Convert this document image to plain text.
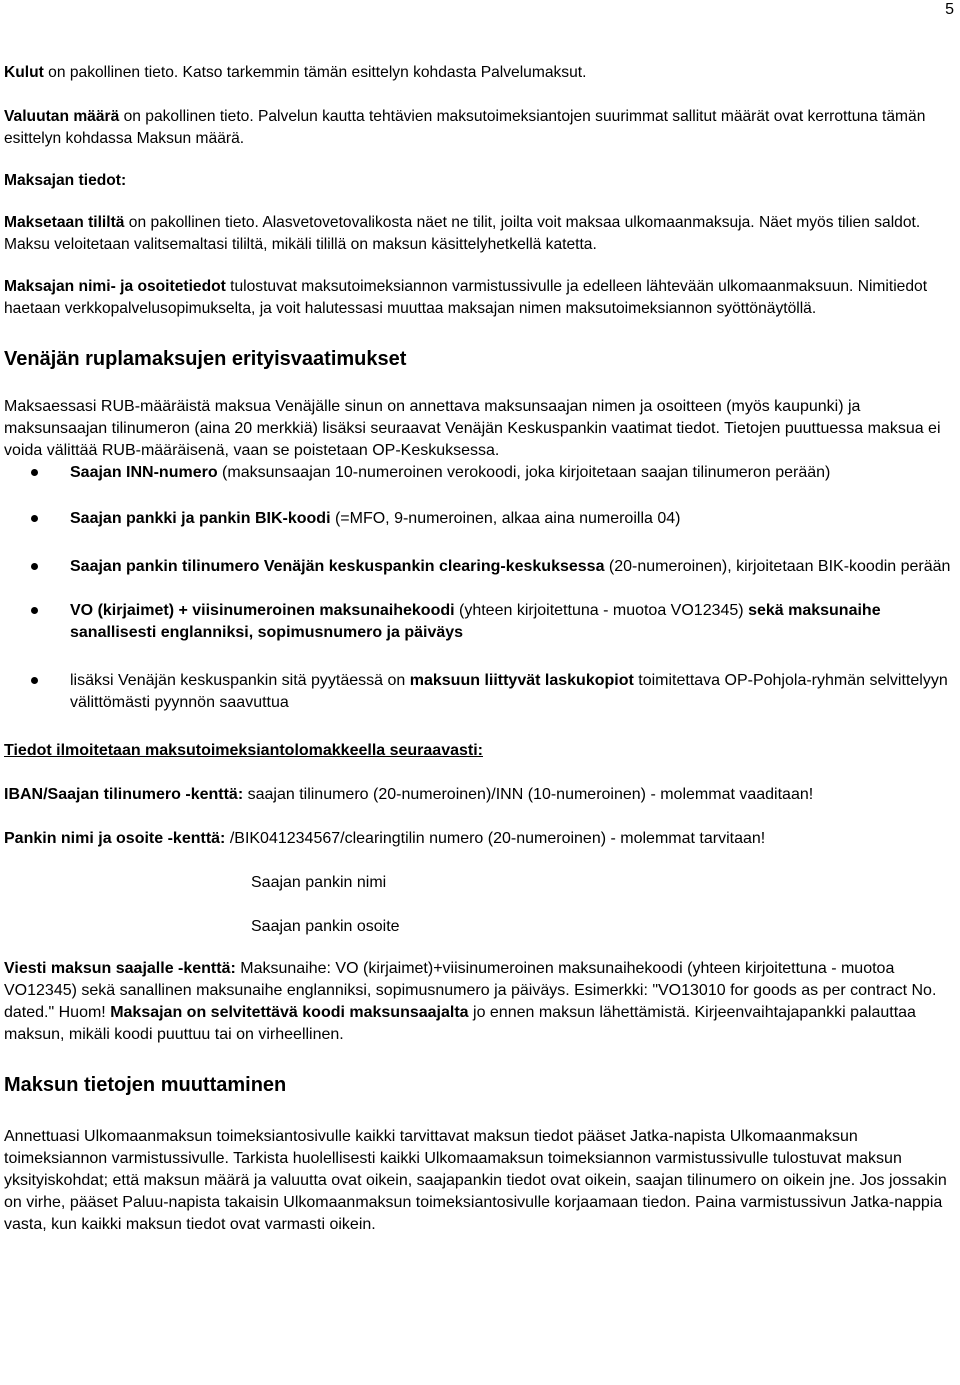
5

Kulut on pakollinen tieto. Katso tarkemmin tämän esittelyn kohdasta Palvelumaksut.

Valuutan määrä on pakollinen tieto. Palvelun kautta tehtävien maksutoimeksiantojen suurimmat sallitut määrät ovat kerrottuna tämän esittelyn kohdassa Maksun määrä.

Maksajan tiedot:

Maksetaan tililtä on pakollinen tieto. Alasvetovetovalikosta näet ne tilit, joilta voit maksaa ulkomaanmaksuja. Näet myös tilien saldot. Maksu veloitetaan valitsemaltasi tililtä, mikäli tilillä on maksun käsittelyhetkellä katetta.

Maksajan nimi- ja osoitetiedot tulostuvat maksutoimeksiannon varmistussivulle ja edelleen lähtevään ulkomaanmaksuun. Nimitiedot haetaan verkkopalvelusopimukselta, ja voit halutessasi muuttaa maksajan nimen maksutoimeksiannon syöttönäytöllä.

Venäjän ruplamaksujen erityisvaatimukset

Maksaessasi RUB-määräistä maksua Venäjälle sinun on annettava maksunsaajan nimen ja osoitteen (myös kaupunki) ja maksunsaajan tilinumeron (aina 20 merkkiä) lisäksi seuraavat Venäjän Keskuspankin vaatimat tiedot. Tietojen puuttuessa maksua ei voida välittää RUB-määräisenä, vaan se poistetaan OP-Keskuksessa.

Saajan INN-numero (maksunsaajan 10-numeroinen verokoodi, joka kirjoitetaan saajan tilinumeron perään)
Saajan pankki ja pankin BIK-koodi (=MFO, 9-numeroinen, alkaa aina numeroilla 04)
Saajan pankin tilinumero Venäjän keskuspankin clearing-keskuksessa (20-numeroinen), kirjoitetaan BIK-koodin perään
VO (kirjaimet) + viisinumeroinen maksunaihekoodi (yhteen kirjoitettuna - muotoa VO12345) sekä maksunaihe sanallisesti englanniksi, sopimusnumero ja päiväys
lisäksi Venäjän keskuspankin sitä pyytäessä on maksuun liittyvät laskukopiot toimitettava OP-Pohjola-ryhmän selvittelyyn välittömästi pyynnön saavuttua

Tiedot ilmoitetaan maksutoimeksiantolomakkeella seuraavasti:

IBAN/Saajan tilinumero -kenttä: saajan tilinumero (20-numeroinen)/INN (10-numeroinen) - molemmat vaaditaan!

Pankin nimi ja osoite -kenttä: /BIK041234567/clearingtilin numero (20-numeroinen) - molemmat tarvitaan!

Saajan pankin nimi

Saajan pankin osoite

Viesti maksun saajalle -kenttä: Maksunaihe: VO (kirjaimet)+viisinumeroinen maksunaihekoodi (yhteen kirjoitettuna - muotoa VO12345) sekä sanallinen maksunaihe englanniksi, sopimusnumero ja päiväys. Esimerkki: "VO13010 for goods as per contract No. dated." Huom! Maksajan on selvitettävä koodi maksunsaajalta jo ennen maksun lähettämistä. Kirjeenvaihtajapankki palauttaa maksun, mikäli koodi puuttuu tai on virheellinen.

Maksun tietojen muuttaminen

Annettuasi Ulkomaanmaksun toimeksiantosivulle kaikki tarvittavat maksun tiedot pääset Jatka-napista Ulkomaanmaksun toimeksiannon varmistussivulle. Tarkista huolellisesti kaikki Ulkomaamaksun toimeksiannon varmistussivulle tulostuvat maksun yksityiskohdat; että maksun määrä ja valuutta ovat oikein, saajapankin tiedot ovat oikein, saajan tilinumero on oikein jne. Jos jossakin on virhe, pääset Paluu-napista takaisin Ulkomaanmaksun toimeksiantosivulle korjaamaan tiedon. Paina varmistussivun Jatka-nappia vasta, kun kaikki maksun tiedot ovat varmasti oikein.
